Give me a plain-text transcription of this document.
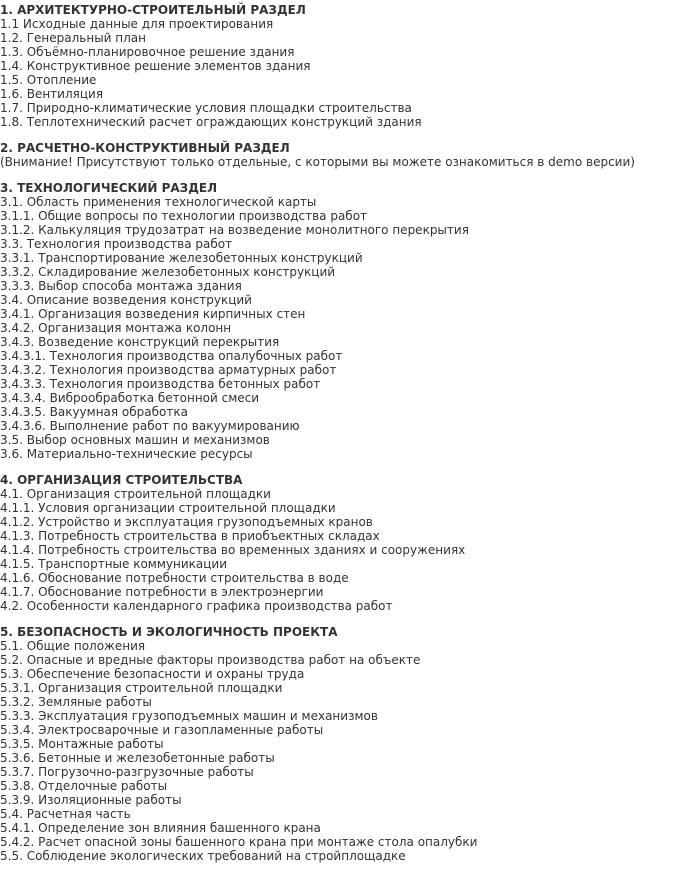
1. АРХИТЕКТУРНО-СТРОИТЕЛЬНЫЙ РАЗДЕЛ
1.1 Исходные данные для проектирования
1.2. Генеральный план
1.3. Объёмно-планировочное решение здания
1.4. Конструктивное решение элементов здания
1.5. Отопление
1.6. Вентиляция
1.7. Природно-климатические условия площадки строительства
1.8. Теплотехнический расчет ограждающих конструкций здания
2. РАСЧЕТНО-КОНСТРУКТИВНЫЙ РАЗДЕЛ
(Внимание! Присутствуют только отдельные, с которыми вы можете ознакомиться в demo версии)
3. ТЕХНОЛОГИЧЕСКИЙ РАЗДЕЛ
3.1. Область применения технологической карты
3.1.1. Общие вопросы по технологии производства работ
3.1.2. Калькуляция трудозатрат на возведение монолитного перекрытия
3.3. Технология производства работ
3.3.1. Транспортирование железобетонных конструкций
3.3.2. Складирование железобетонных конструкций
3.3.3. Выбор способа монтажа здания
3.4. Описание возведения конструкций
3.4.1. Организация возведения кирпичных стен
3.4.2. Организация монтажа колонн
3.4.3. Возведение конструкций перекрытия
3.4.3.1. Технология производства опалубочных работ
3.4.3.2. Технология производства арматурных работ
3.4.3.3. Технология производства бетонных работ
3.4.3.4. Виброобработка бетонной смеси
3.4.3.5. Вакуумная обработка
3.4.3.6. Выполнение работ по вакуумированию
3.5. Выбор основных машин и механизмов
3.6. Материально-технические ресурсы
4. ОРГАНИЗАЦИЯ СТРОИТЕЛЬСТВА
4.1. Организация строительной площадки
4.1.1. Условия организации строительной площадки
4.1.2. Устройство и эксплуатация грузоподъемных кранов
4.1.3. Потребность строительства в приобъектных складах
4.1.4. Потребность строительства во временных зданиях и сооружениях
4.1.5. Транспортные коммуникации
4.1.6. Обоснование потребности строительства в воде
4.1.7. Обоснование потребности в электроэнергии
4.2. Особенности календарного графика производства работ
5. БЕЗОПАСНОСТЬ И ЭКОЛОГИЧНОСТЬ ПРОЕКТА
5.1. Общие положения
5.2. Опасные и вредные факторы производства работ на объекте
5.3. Обеспечение безопасности и охраны труда
5.3.1. Организация строительной площадки
5.3.2. Земляные работы
5.3.3. Эксплуатация грузоподъемных машин и механизмов
5.3.4. Электросварочные и газопламенные работы
5.3.5. Монтажные работы
5.3.6. Бетонные и железобетонные работы
5.3.7. Погрузочно-разгрузочные работы
5.3.8. Отделочные работы
5.3.9. Изоляционные работы
5.4. Расчетная часть
5.4.1. Определение зон влияния башенного крана
5.4.2. Расчет опасной зоны башенного крана при монтаже стола опалубки
5.5. Соблюдение экологических требований на стройплощадке
